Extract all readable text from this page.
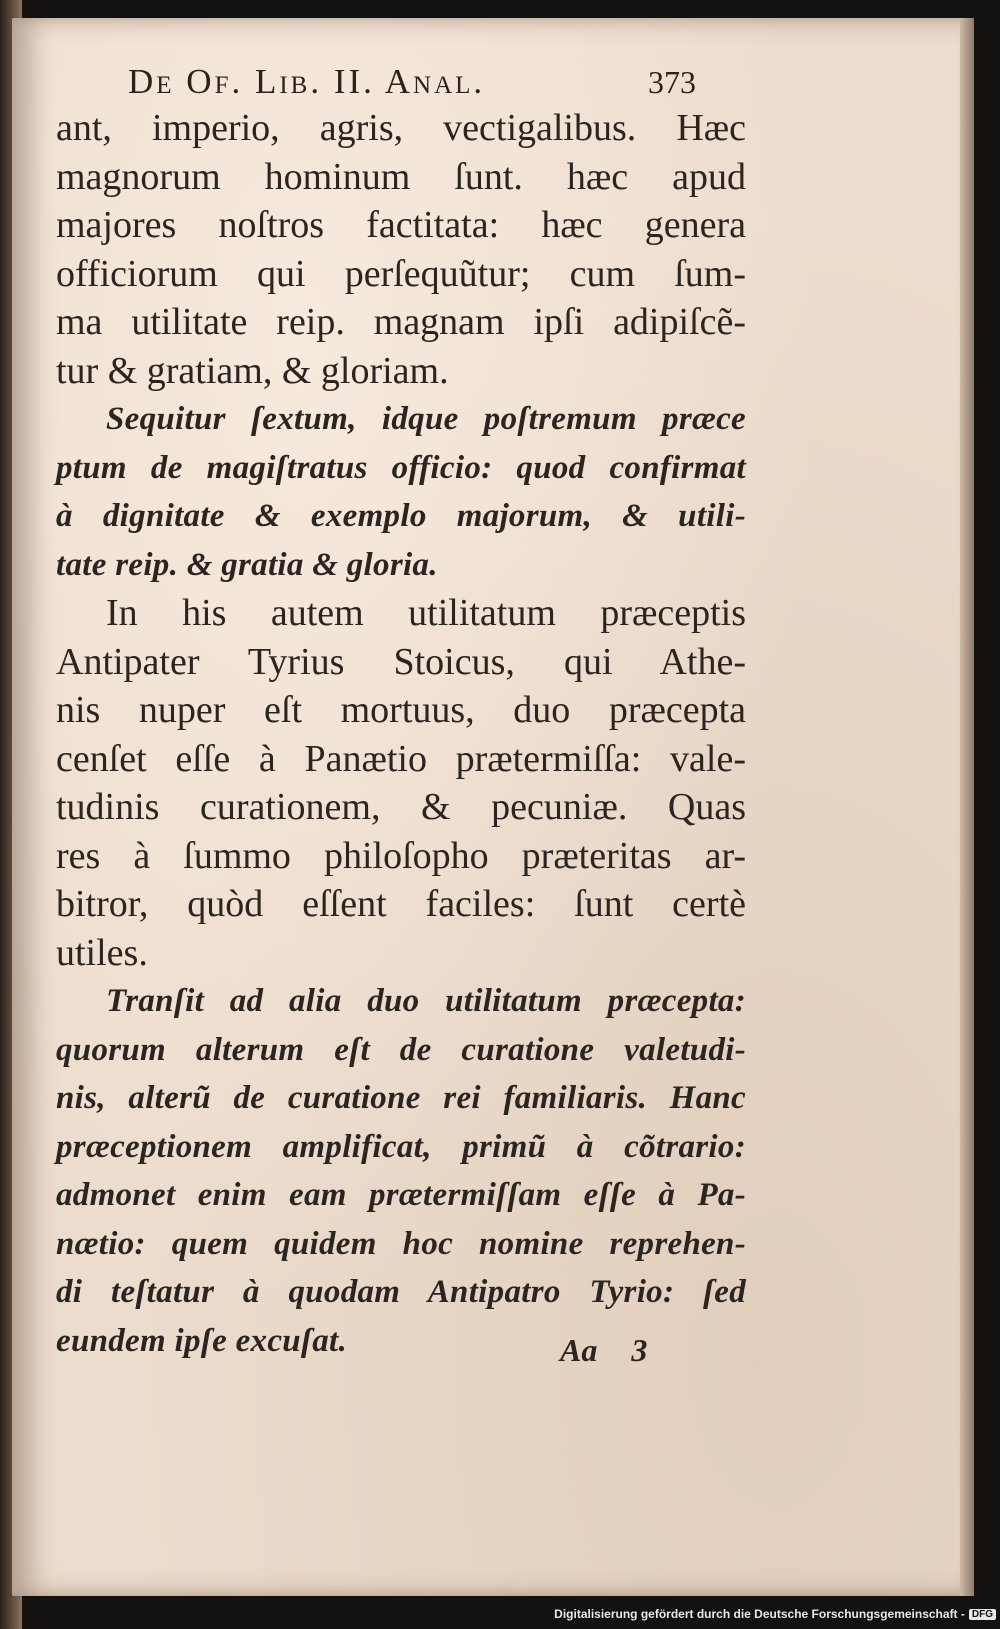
De Of. Lib. II. Anal.	373
ant, imperio, agris, vectigalibus. Hæc
magnorum hominum ſunt. hæc apud
majores noſtros factitata: hæc genera
officiorum qui perſequũtur; cum ſum-
ma utilitate reip. magnam ipſi adipiſcẽ-
tur & gratiam, & gloriam.
Sequitur ſextum, idque poſtremum præce
ptum de magiſtratus officio: quod confirmat
à dignitate & exemplo majorum, & utili-
tate reip. & gratia & gloria.
In his autem utilitatum præceptis
Antipater Tyrius Stoicus, qui Athe-
nis nuper eſt mortuus, duo præcepta
cenſet eſſe à Panætio prætermiſſa: vale-
tudinis curationem, & pecuniæ. Quas
res à ſummo philoſopho præteritas ar-
bitror, quòd eſſent faciles: ſunt certè
utiles.
Tranſit ad alia duo utilitatum præcepta:
quorum alterum eſt de curatione valetudi-
nis, alterũ de curatione rei familiaris. Hanc
præceptionem amplificat, primũ à cõtrario:
admonet enim eam prætermiſſam eſſe à Pa-
nætio: quem quidem hoc nomine reprehen-
di teſtatur à quodam Antipatro Tyrio: ſed
eundem ipſe excuſat.	Aa 3
Digitalisierung gefördert durch die Deutsche Forschungsgemeinschaft - DFG
